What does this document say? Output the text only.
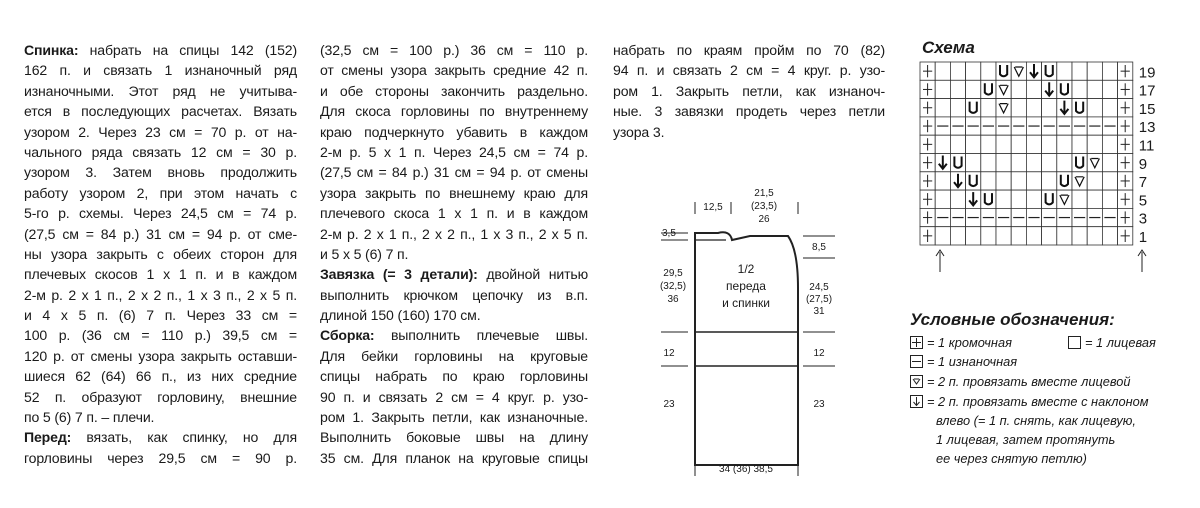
Спинка: набрать на спицы 142 (152)
162 п. и связать 1 изнаночный ряд
изнаночными. Этот ряд не учитыва-
ется в последующих расчетах. Вязать
узором 2. Через 23 см = 70 р. от на-
чального ряда связать 12 см = 30 р.
узором 3. Затем вновь продолжить
работу узором 2, при этом начать с
5-го р. схемы. Через 24,5 см = 74 р.
(27,5 см = 84 р.) 31 см = 94 р. от сме-
ны узора закрыть с обеих сторон для
плечевых скосов 1 х 1 п. и в каждом
2-м р. 2 х 1 п., 2 х 2 п., 1 х 3 п., 2 х 5 п.
и 4 х 5 п. (6) 7 п. Через 33 см =
100 р. (36 см = 110 р.) 39,5 см =
120 р. от смены узора закрыть оставши-
шиеся 62 (64) 66 п., из них средние
52 п. образуют горловину, внешние
по 5 (6) 7 п. – плечи.
Перед: вязать, как спинку, но для
горловины через 29,5 см = 90 р.
(32,5 см = 100 р.) 36 см = 110 р.
от смены узора закрыть средние 42 п.
и обе стороны закончить раздельно.
Для скоса горловины по внутреннему
краю подчеркнуто убавить в каждом
2-м р. 5 х 1 п. Через 24,5 см = 74 р.
(27,5 см = 84 р.) 31 см = 94 р. от смены
узора закрыть по внешнему краю для
плечевого скоса 1 х 1 п. и в каждом
2-м р. 2 х 1 п., 2 х 2 п., 1 х 3 п., 2 х 5 п.
и 5 х 5 (6) 7 п.
Завязка (= 3 детали): двойной нитью
выполнить крючком цепочку из в.п.
длиной 150 (160) 170 см.
Сборка: выполнить плечевые швы.
Для бейки горловины на круговые
спицы набрать по краю горловины
90 п. и связать 2 см = 4 круг. р. узо-
ром 1. Закрыть петли, как изнаночные.
Выполнить боковые швы на длину
35 см. Для планок на круговые спицы
набрать по краям пройм по 70 (82)
94 п. и связать 2 см = 4 круг. р. узо-
ром 1. Закрыть петли, как изнаноч-
ные. 3 завязки продеть через петли
узора 3.
12,5
21,5
(23,5)
26
3,5
29,5
(32,5)
36
12
23
8,5
24,5
(27,5)
31
12
23
1/2
переда
и спинки
34 (36) 38,5
Схема
19
17
15
13
11
9
7
5
3
1
Условные обозначения:
= 1 кромочная	= 1 лицевая
= 1 изнаночная
= 2 п. провязать вместе лицевой
= 2 п. провязать вместе с наклоном
влево (= 1 п. снять, как лицевую,
1 лицевая, затем протянуть
ее через снятую петлю)
